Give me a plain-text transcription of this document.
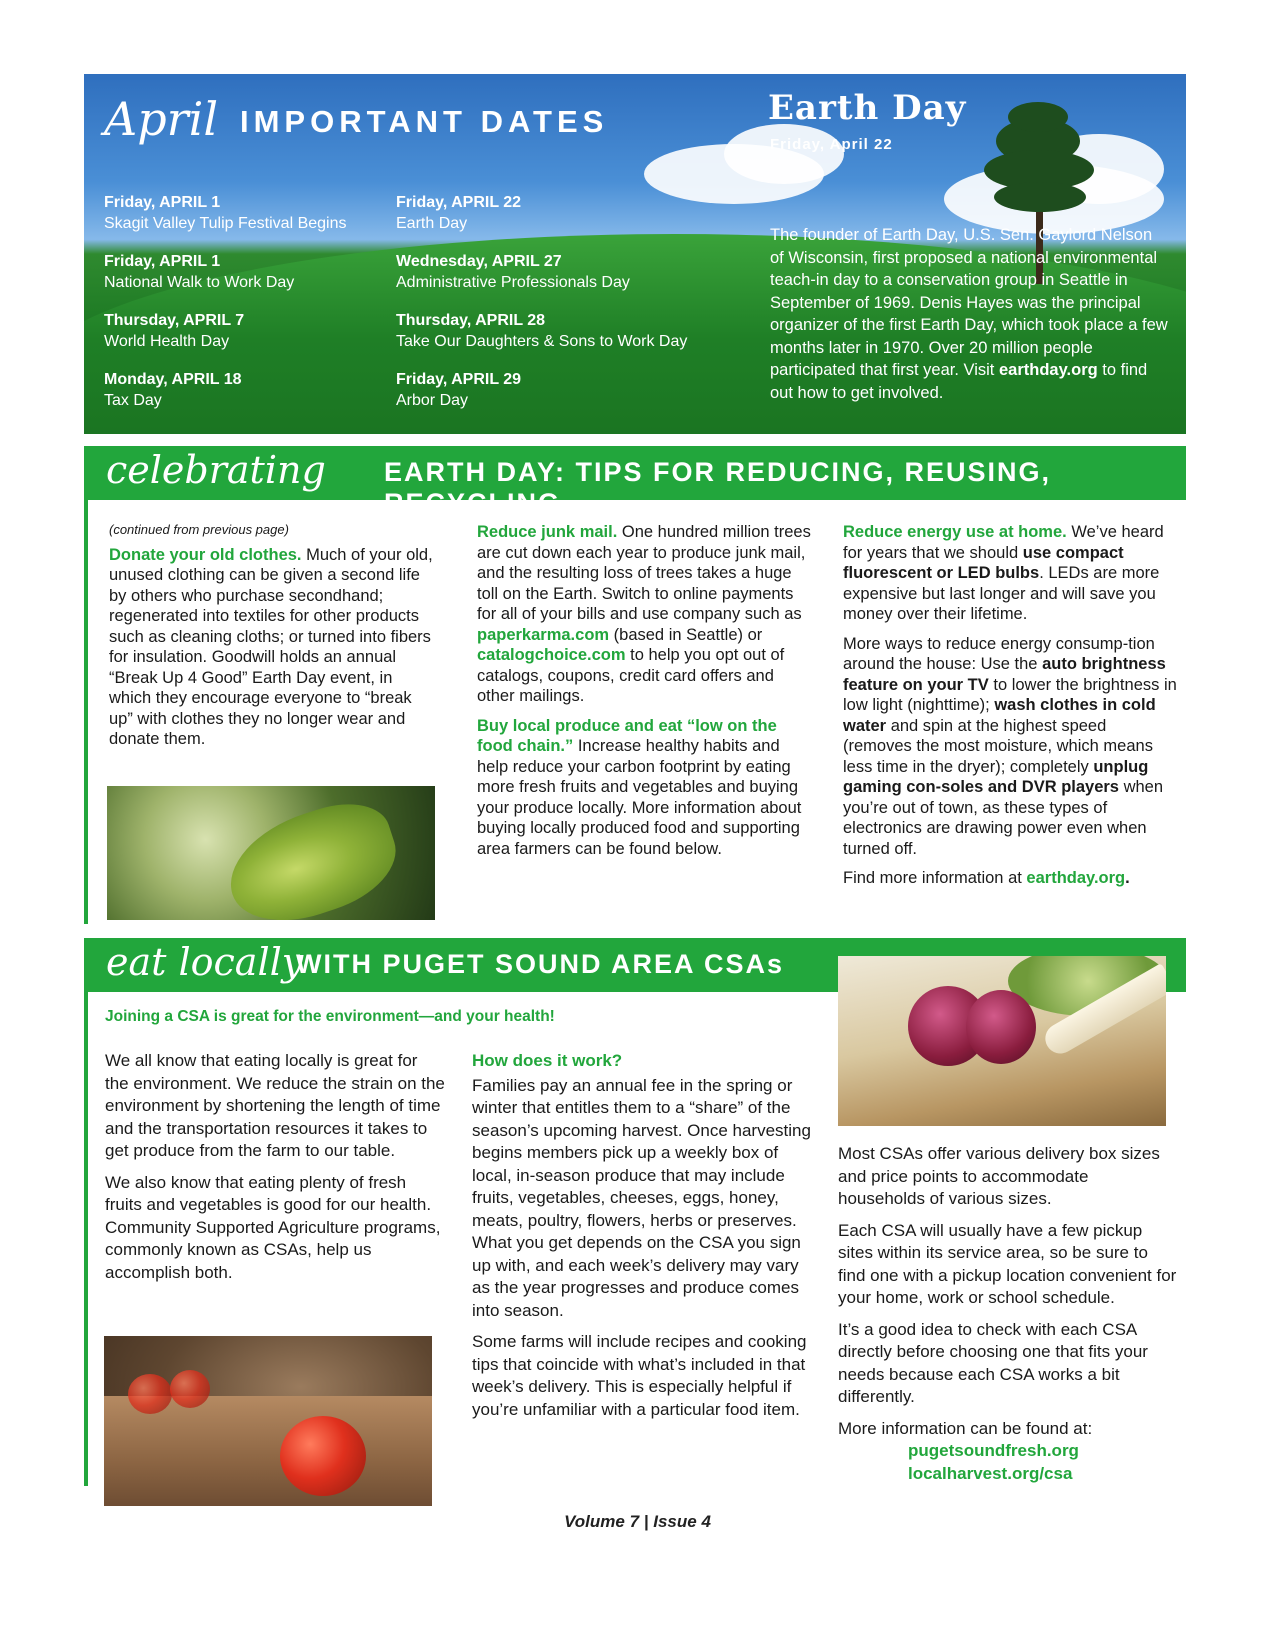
April IMPORTANT DATES	Earth Day
Friday, April 22
Friday, APRIL 1
Skagit Valley Tulip Festival Begins
Friday, APRIL 1
National Walk to Work Day
Thursday, APRIL 7
World Health Day
Monday, APRIL 18
Tax Day
Friday, APRIL 22
Earth Day
Wednesday, APRIL 27
Administrative Professionals Day
Thursday, APRIL 28
Take Our Daughters & Sons to Work Day
Friday, APRIL 29
Arbor Day
The founder of Earth Day, U.S. Sen. Gaylord Nelson of Wisconsin, first proposed a national environmental teach-in day to a conservation group in Seattle in September of 1969. Denis Hayes was the principal organizer of the first Earth Day, which took place a few months later in 1970. Over 20 million people participated that first year. Visit earthday.org to find out how to get involved.
celebrating EARTH DAY: TIPS FOR REDUCING, REUSING, RECYCLING

(continued from previous page)

Donate your old clothes. Much of your old, unused clothing can be given a second life by others who purchase secondhand; regenerated into textiles for other products such as cleaning cloths; or turned into fibers for insulation. Goodwill holds an annual “Break Up 4 Good” Earth Day event, in which they encourage everyone to “break up” with clothes they no longer wear and donate them.

Reduce junk mail. One hundred million trees are cut down each year to produce junk mail, and the resulting loss of trees takes a huge toll on the Earth. Switch to online payments for all of your bills and use company such as paperkarma.com (based in Seattle) or catalogchoice.com to help you opt out of catalogs, coupons, credit card offers and other mailings.

Buy local produce and eat “low on the food chain.” Increase healthy habits and help reduce your carbon footprint by eating more fresh fruits and vegetables and buying your produce locally. More information about buying locally produced food and supporting area farmers can be found below.

Reduce energy use at home. We’ve heard for years that we should use compact fluorescent or LED bulbs. LEDs are more expensive but last longer and will save you money over their lifetime.

More ways to reduce energy consump-tion around the house: Use the auto brightness feature on your TV to lower the brightness in low light (nighttime); wash clothes in cold water and spin at the highest speed (removes the most moisture, which means less time in the dryer); completely unplug gaming con-soles and DVR players when you’re out of town, as these types of electronics are drawing power even when turned off.

Find more information at earthday.org.

eat locally
WITH PUGET SOUND AREA CSAs
Joining a CSA is great for the environment—and your health!

We all know that eating locally is great for the environment. We reduce the strain on the environment by shortening the length of time and the transportation resources it takes to get produce from the farm to our table.

We also know that eating plenty of fresh fruits and vegetables is good for our health. Community Supported Agriculture programs, commonly known as CSAs, help us accomplish both.

How does it work?

Families pay an annual fee in the spring or winter that entitles them to a “share” of the season’s upcoming harvest. Once harvesting begins members pick up a weekly box of local, in-season produce that may include fruits, vegetables, cheeses, eggs, honey, meats, poultry, flowers, herbs or preserves. What you get depends on the CSA you sign up with, and each week’s delivery may vary as the year progresses and produce comes into season.

Some farms will include recipes and cooking tips that coincide with what’s included in that week’s delivery. This is especially helpful if you’re unfamiliar with a particular food item.

Most CSAs offer various delivery box sizes and price points to accommodate households of various sizes.

Each CSA will usually have a few pickup sites within its service area, so be sure to find one with a pickup location convenient for your home, work or school schedule.

It’s a good idea to check with each CSA directly before choosing one that fits your needs because each CSA works a bit differently.

More information can be found at:

pugetsoundfresh.org
localharvest.org/csa
Volume 7 | Issue 4
